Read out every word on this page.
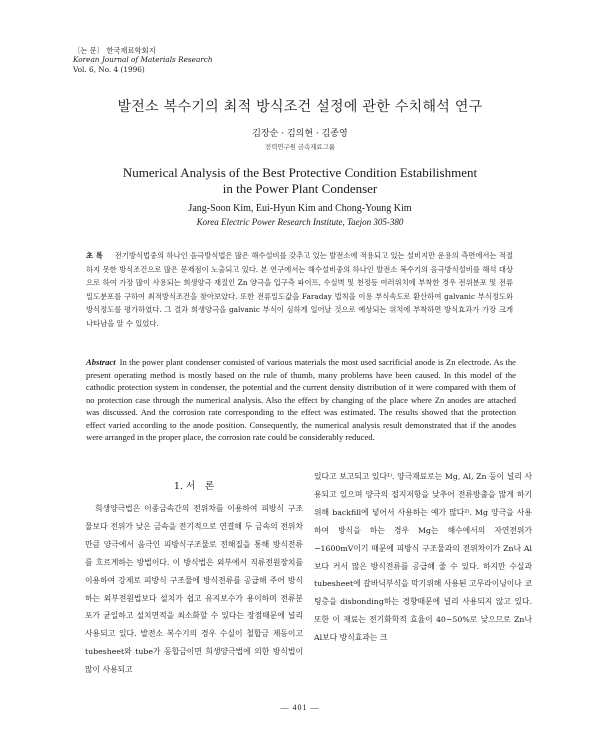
〔논 문〕 한국재료학회지
Korean Journal of Materials Research
Vol. 6, No. 4 (1996)
발전소 복수기의 최적 방식조건 설정에 관한 수치해석 연구
김장순 · 김의현 · 김종영
전력연구원 금속재료그룹
Numerical Analysis of the Best Protective Condition Estabilishment
in the Power Plant Condenser
Jang-Soon Kim, Eui-Hyun Kim and Chong-Young Kim
Korea Electric Power Research Institute, Taejon 305-380
초 록 전기방식법중의 하나인 음극방식법은 많은 해수설비를 갖추고 있는 발전소에 적용되고 있는 설비지만 운용의 측면에서는 적절하지 못한 방식조건으로 많은 문제점이 노출되고 있다. 본 연구에서는 해수설비중의 하나인 발전소 복수기의 음극방식설비를 해석 대상으로 하여 가장 많이 사용되는 희생양극 재질인 Zn 양극을 입구측 파이프, 수실벽 및 천정등 여러위치에 부착한 경우 전위분포 및 전류밀도분포를 구하여 최적방식조건을 찾아보았다. 또한 전류밀도값을 Faraday 법칙을 이용 부식속도로 환산하여 galvanic 부식정도와 방식정도를 평가하였다. 그 결과 희생양극을 galvanic 부식이 심하게 일어날 것으로 예상되는 위치에 부착하면 방식효과가 가장 크게 나타남을 알 수 있었다.
Abstract In the power plant condenser consisted of various materials the most used sacrificial anode is Zn electrode. As the present operating method is mostly based on the rule of thumb, many problems have been caused. In this model of the cathodic protection system in condenser, the potential and the current density distribution of it were compared with them of no protection case through the numerical analysis. Also the effect by changing of the place where Zn anodes are attached was discussed. And the corrosion rate corresponding to the effect was estimated. The results showed that the protection effect varied according to the anode position. Consequently, the numerical analysis result demonstrated that if the anodes were arranged in the proper place, the corrosion rate could be considerably reduced.
1. 서　론

희생양극법은 이종금속간의 전위차를 이용하여 피방식 구조물보다 전위가 낮은 금속을 전기적으로 연결해 두 금속의 전위차만큼 양극에서 음극인 피방식구조물로 전해질을 통해 방식전류를 흐르게하는 방법이다. 이 방식법은 외부에서 직류전원장치를 이용하여 강제로 피방식 구조물에 방식전류를 공급해 주어 방식하는 외부전원법보다 설치가 쉽고 유지보수가 용이하며 전류분포가 균일하고 설치면적을 최소화할 수 있다는 장점때문에 널리 사용되고 있다. 발전소 복수기의 경우 수실이 철합금 제동이고 tubesheet와 tube가 동합금이면 희생양극법에 의한 방식법이 많이 사용되고

있다고 보고되고 있다¹⁾. 양극재료로는 Mg, Al, Zn 등이 널리 사용되고 있으며 양극의 접지저항을 낮추어 전류방출을 많게 하기위해 backfill에 넣어서 사용하는 예가 많다²⁾. Mg 양극을 사용하여 방식을 하는 경우 Mg는 해수에서의 자연전위가 −1600mV이기 때문에 피방식 구조물과의 전위차이가 Zn나 Al보다 커서 많은 방식전류를 공급해 줄 수 있다. 하지만 수실과 tubesheet에 갈바닉부식을 막기위해 사용된 고무라이닝이나 코팅층을 disbonding하는 경향때문에 널리 사용되지 않고 있다. 또한 이 재료는 전기화학적 효율이 40~50%로 낮으므로 Zn나 Al보다 방식효과는 크

— 401 —
